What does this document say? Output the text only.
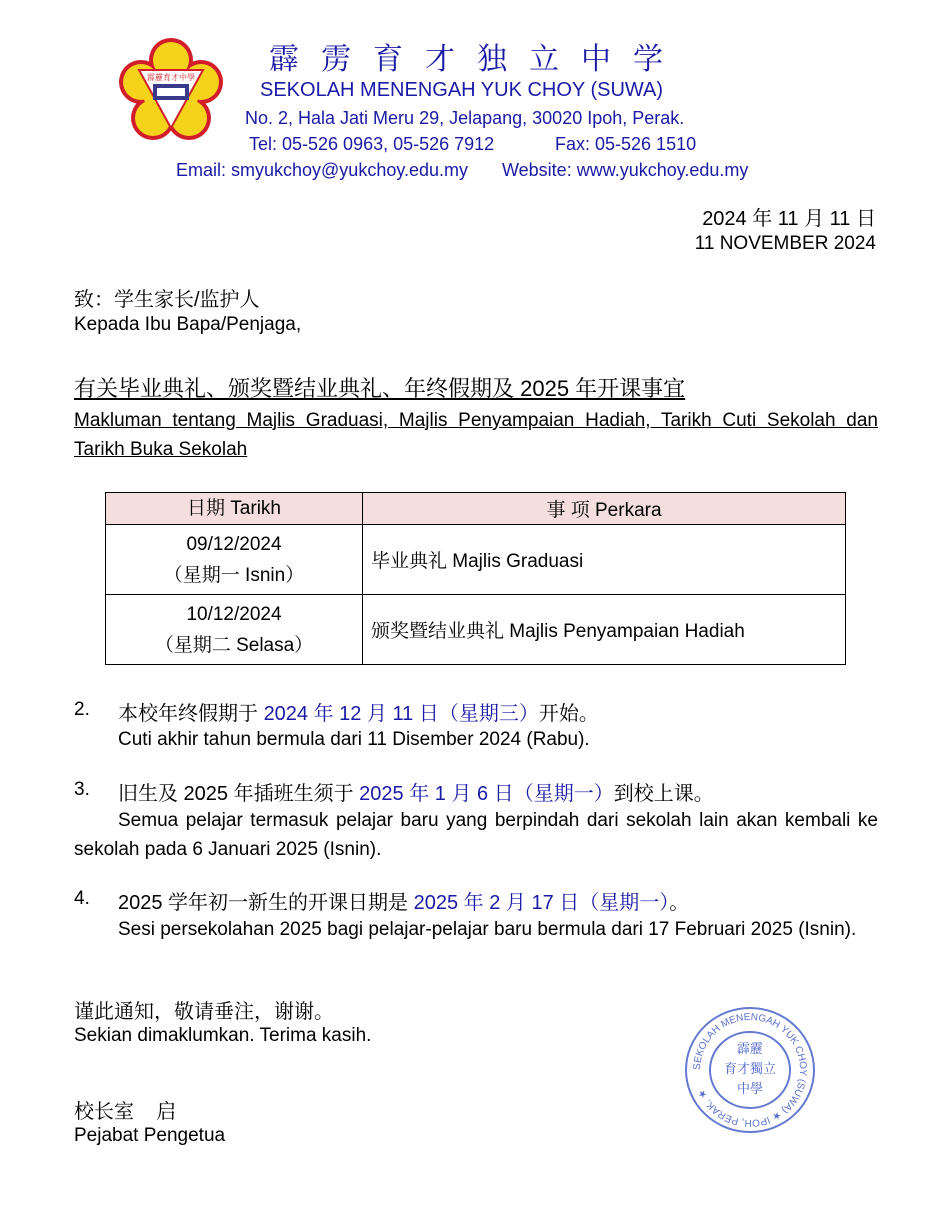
霹靂育才中學
霹雳育才独立中学
SEKOLAH MENENGAH YUK CHOY (SUWA)
No. 2, Hala Jati Meru 29, Jelapang, 30020 Ipoh, Perak.
Tel: 05-526 0963, 05-526 7912	Fax: 05-526 1510
Email: smyukchoy@yukchoy.edu.my Website: www.yukchoy.edu.my
2024 年 11 月 11 日
11 NOVEMBER 2024
致：学生家长/监护人
Kepada Ibu Bapa/Penjaga,
有关毕业典礼、颁奖暨结业典礼、年终假期及 2025 年开课事宜
Makluman tentang Majlis Graduasi, Majlis Penyampaian Hadiah, Tarikh Cuti Sekolah dan Tarikh Buka Sekolah
日期 Tarikh	事 项 Perkara

09/12/2024
（星期一 Isnin）	毕业典礼 Majlis Graduasi

10/12/2024
（星期二 Selasa）	颁奖暨结业典礼 Majlis Penyampaian Hadiah
2. 本校年终假期于 2024 年 12 月 11 日（星期三）开始。
Cuti akhir tahun bermula dari 11 Disember 2024 (Rabu).
3. 旧生及 2025 年插班生须于 2025 年 1 月 6 日（星期一）到校上课。
Semua pelajar termasuk pelajar baru yang berpindah dari sekolah lain akan kembali ke sekolah pada 6 Januari 2025 (Isnin).
4. 2025 学年初一新生的开课日期是 2025 年 2 月 17 日（星期一）。
Sesi persekolahan 2025 bagi pelajar-pelajar baru bermula dari 17 Februari 2025 (Isnin).
谨此通知，敬请垂注，谢谢。
Sekian dimaklumkan. Terima kasih.
校长室    启
Pejabat Pengetua
SEKOLAH MENENGAH YUK CHOY (SUWA) ★ IPOH, PERAK. ★
霹靂
育才獨立
中學
